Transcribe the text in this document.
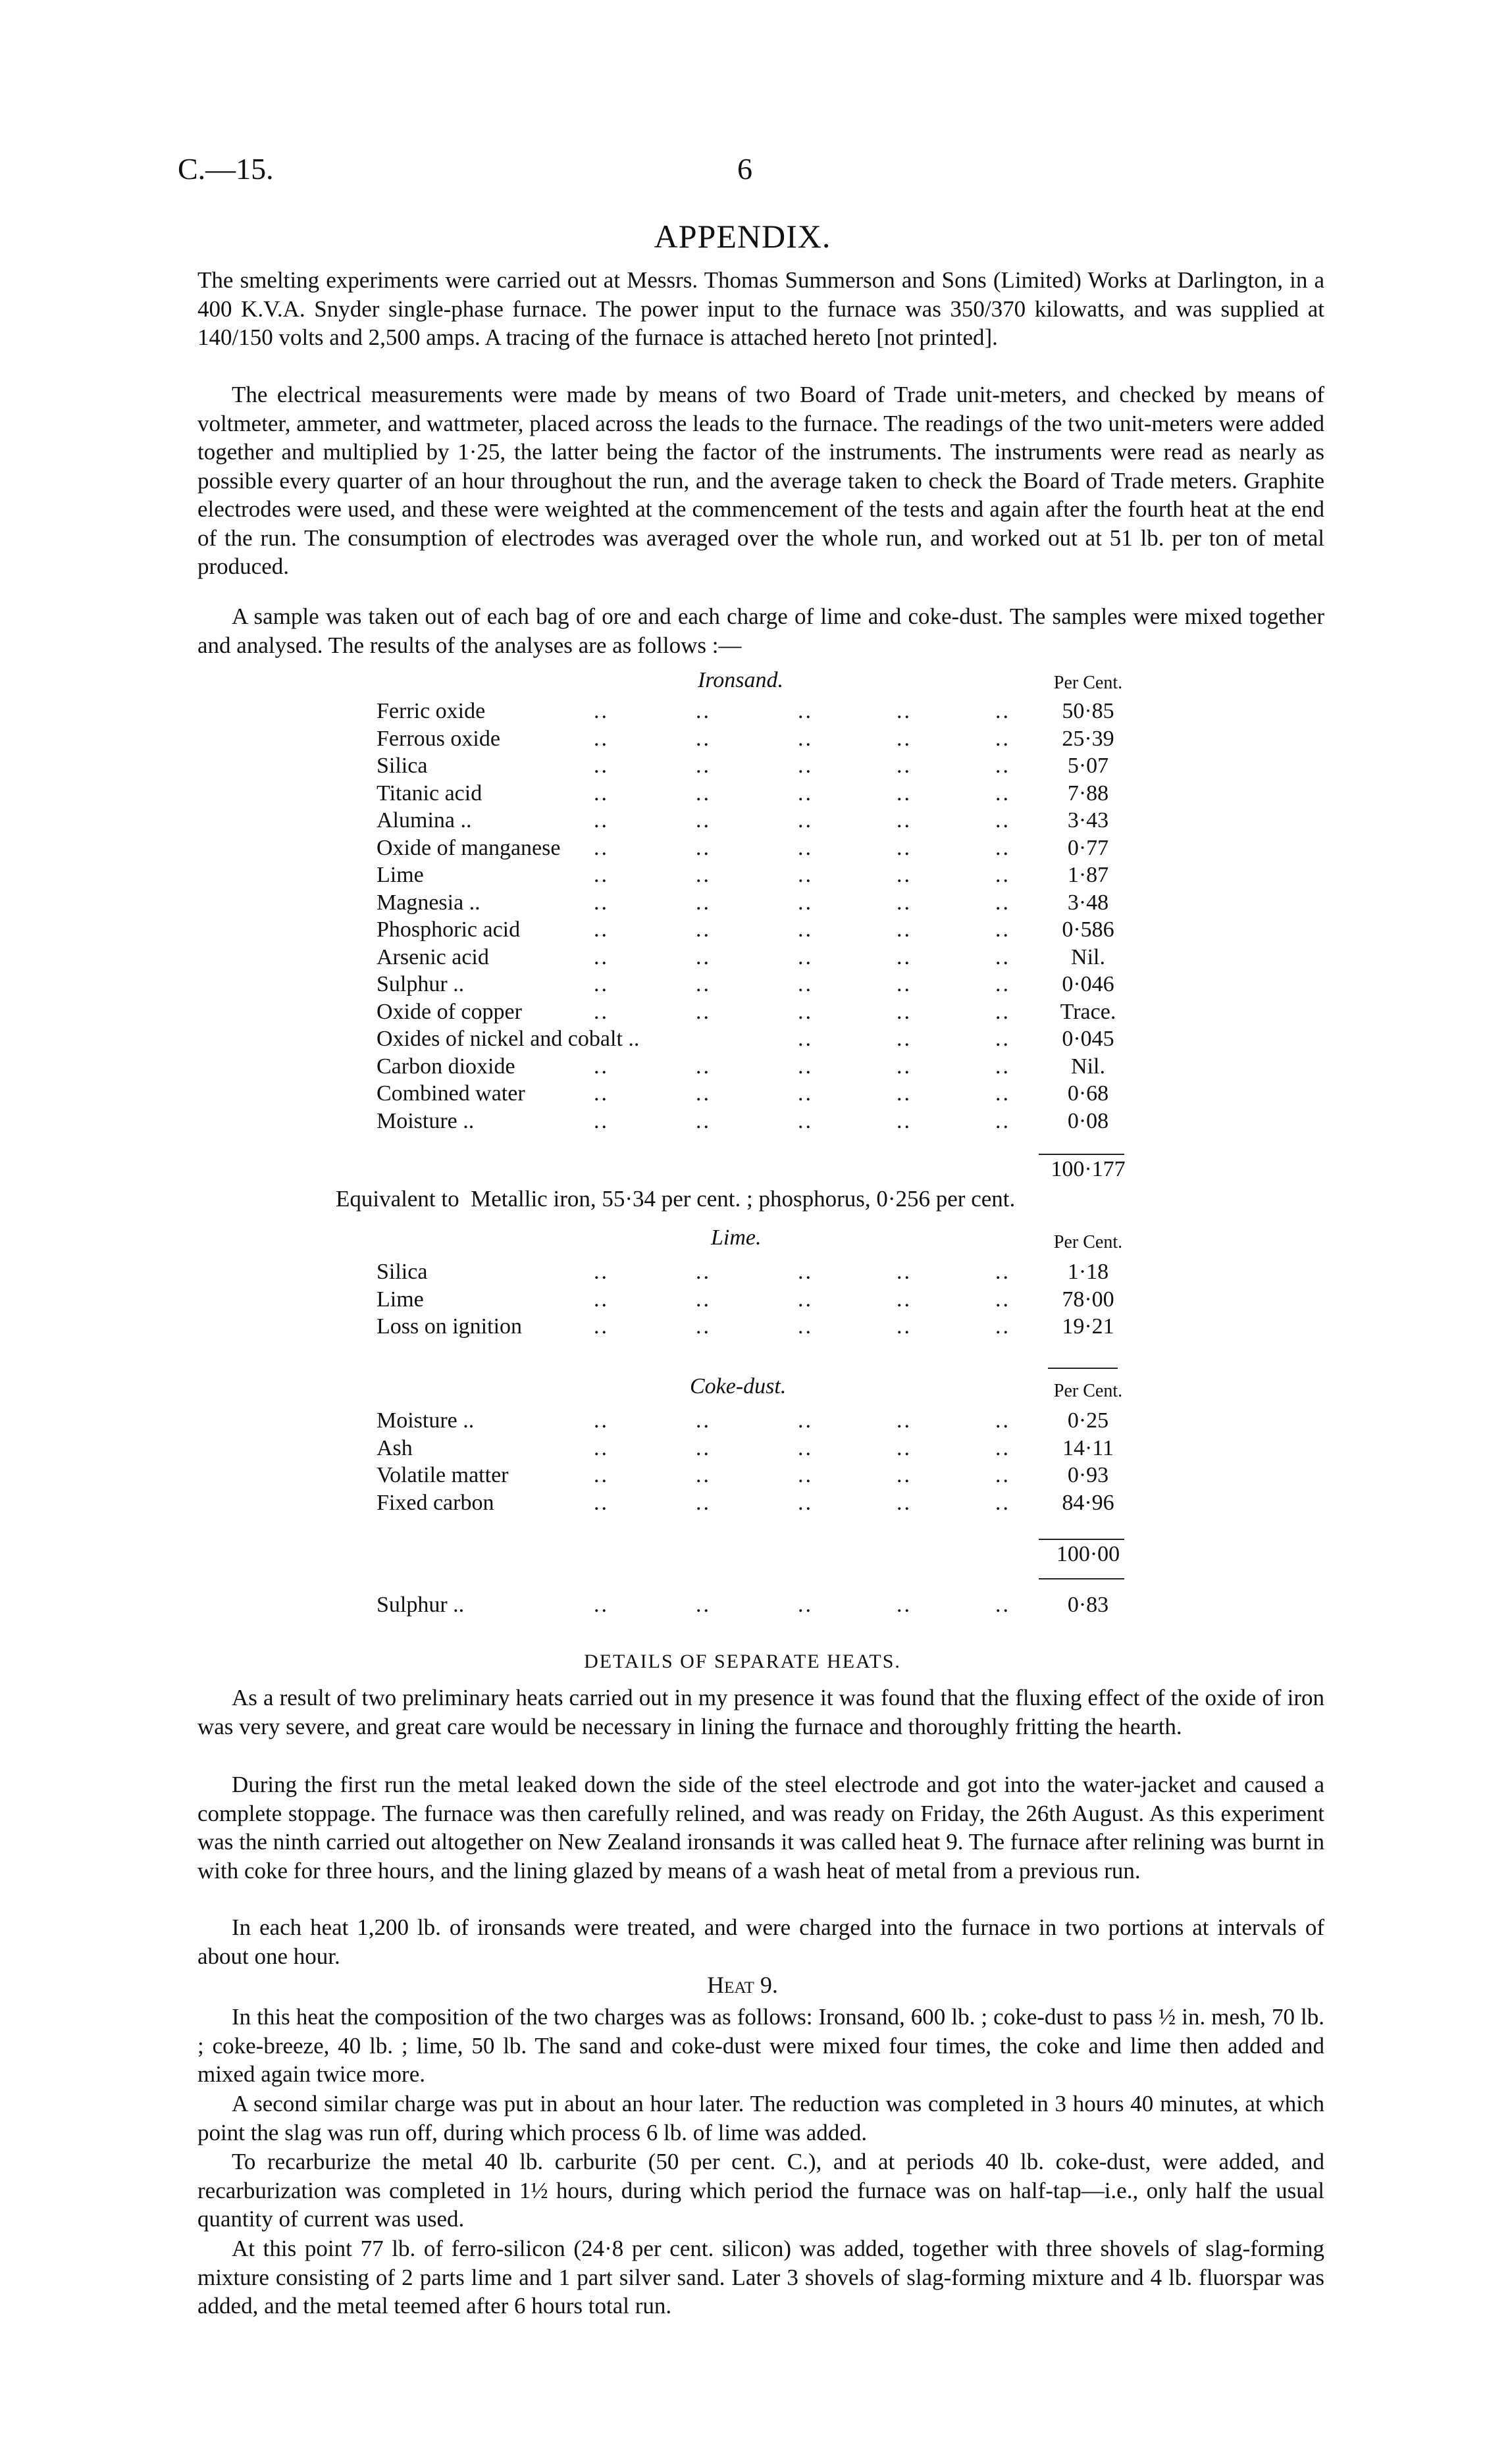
C.—15.	6
APPENDIX.

The smelting experiments were carried out at Messrs. Thomas Summerson and Sons (Limited) Works at Darlington, in a 400 K.V.A. Snyder single-phase furnace. The power input to the furnace was 350/370 kilowatts, and was supplied at 140/150 volts and 2,500 amps. A tracing of the furnace is attached hereto [not printed].

The electrical measurements were made by means of two Board of Trade unit-meters, and checked by means of voltmeter, ammeter, and wattmeter, placed across the leads to the furnace. The readings of the two unit-meters were added together and multiplied by 1·25, the latter being the factor of the instruments. The instruments were read as nearly as possible every quarter of an hour throughout the run, and the average taken to check the Board of Trade meters. Graphite electrodes were used, and these were weighted at the commencement of the tests and again after the fourth heat at the end of the run. The consumption of electrodes was averaged over the whole run, and worked out at 51 lb. per ton of metal produced.

A sample was taken out of each bag of ore and each charge of lime and coke-dust. The samples were mixed together and analysed. The results of the analyses are as follows :—

Ironsand.	Per Cent.
Ferric oxide	..	..	..	..	..	50·85
Ferrous oxide	..	..	..	..	..	25·39
Silica	..	..	..	..	..	5·07
Titanic acid	..	..	..	..	..	7·88
Alumina ..	..	..	..	..	..	3·43
Oxide of manganese ..	..	..	..	..	0·77
Lime	..	..	..	..	..	1·87
Magnesia ..	..	..	..	..	..	3·48
Phosphoric acid	..	..	..	..	..	0·586
Arsenic acid	..	..	..	..	..	Nil.
Sulphur ..	..	..	..	..	..	0·046
Oxide of copper	..	..	..	..	..	Trace.
Oxides of nickel and cobalt ..	..	..	..	0·045
Carbon dioxide	..	..	..	..	..	Nil.
Combined water	..	..	..	..	..	0·68
Moisture ..	..	..	..	..	..	0·08
100·177
Equivalent to  Metallic iron, 55·34 per cent. ; phosphorus, 0·256 per cent.
Lime.	Per Cent.
Silica	..	..	..	..	..	1·18
Lime	..	..	..	..	..	78·00
Loss on ignition	..	..	..	..	..	19·21
Coke-dust.	Per Cent.
Moisture ..	..	..	..	..	..	0·25
Ash	..	..	..	..	..	14·11
Volatile matter	..	..	..	..	..	0·93
Fixed carbon	..	..	..	..	..	84·96
100·00
Sulphur ..	..	..	..	..	..	0·83
DETAILS OF SEPARATE HEATS.

As a result of two preliminary heats carried out in my presence it was found that the fluxing effect of the oxide of iron was very severe, and great care would be necessary in lining the furnace and thoroughly fritting the hearth.

During the first run the metal leaked down the side of the steel electrode and got into the water-jacket and caused a complete stoppage. The furnace was then carefully relined, and was ready on Friday, the 26th August. As this experiment was the ninth carried out altogether on New Zealand ironsands it was called heat 9. The furnace after relining was burnt in with coke for three hours, and the lining glazed by means of a wash heat of metal from a previous run.

In each heat 1,200 lb. of ironsands were treated, and were charged into the furnace in two portions at intervals of about one hour.

Heat 9.

In this heat the composition of the two charges was as follows: Ironsand, 600 lb. ; coke-dust to pass ½ in. mesh, 70 lb. ; coke-breeze, 40 lb. ; lime, 50 lb. The sand and coke-dust were mixed four times, the coke and lime then added and mixed again twice more.

A second similar charge was put in about an hour later. The reduction was completed in 3 hours 40 minutes, at which point the slag was run off, during which process 6 lb. of lime was added.

To recarburize the metal 40 lb. carburite (50 per cent. C.), and at periods 40 lb. coke-dust, were added, and recarburization was completed in 1½ hours, during which period the furnace was on half-tap—i.e., only half the usual quantity of current was used.

At this point 77 lb. of ferro-silicon (24·8 per cent. silicon) was added, together with three shovels of slag-forming mixture consisting of 2 parts lime and 1 part silver sand. Later 3 shovels of slag-forming mixture and 4 lb. fluorspar was added, and the metal teemed after 6 hours total run.
